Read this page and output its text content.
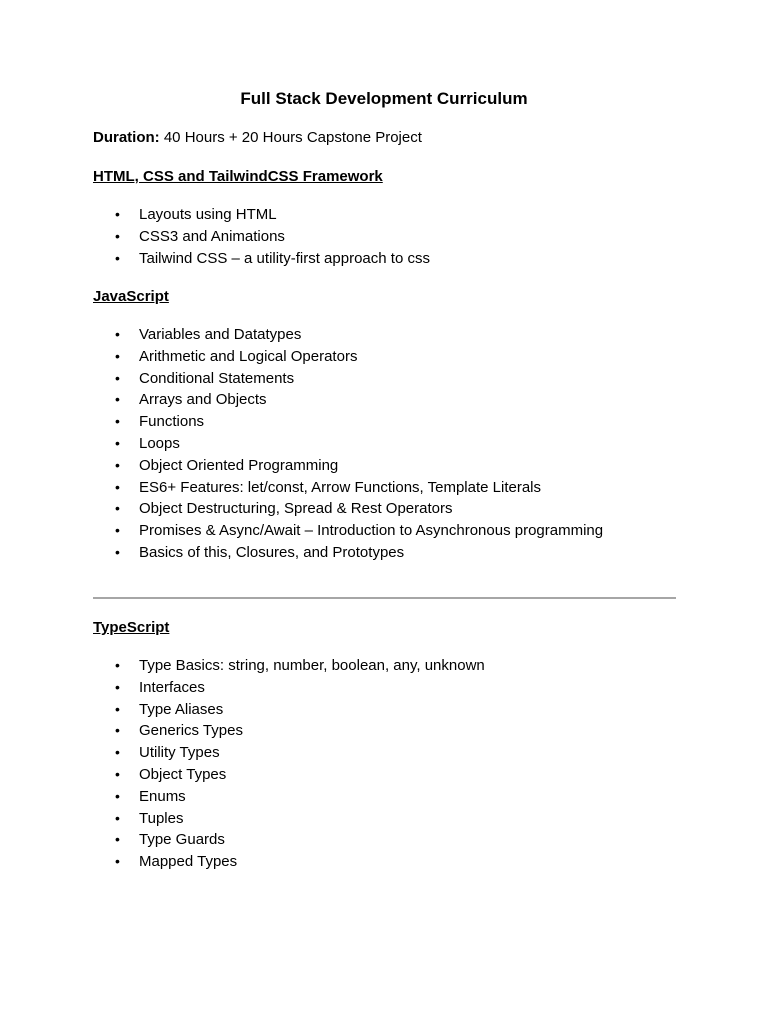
Full Stack Development Curriculum

Duration: 40 Hours + 20 Hours Capstone Project

HTML, CSS and TailwindCSS Framework

• Layouts using HTML
• CSS3 and Animations
• Tailwind CSS – a utility-first approach to css

JavaScript

• Variables and Datatypes
• Arithmetic and Logical Operators
• Conditional Statements
• Arrays and Objects
• Functions
• Loops
• Object Oriented Programming
• ES6+ Features: let/const, Arrow Functions, Template Literals
• Object Destructuring, Spread & Rest Operators
• Promises & Async/Await – Introduction to Asynchronous programming
• Basics of this, Closures, and Prototypes

TypeScript

• Type Basics: string, number, boolean, any, unknown
• Interfaces
• Type Aliases
• Generics Types
• Utility Types
• Object Types
• Enums
• Tuples
• Type Guards
• Mapped Types
